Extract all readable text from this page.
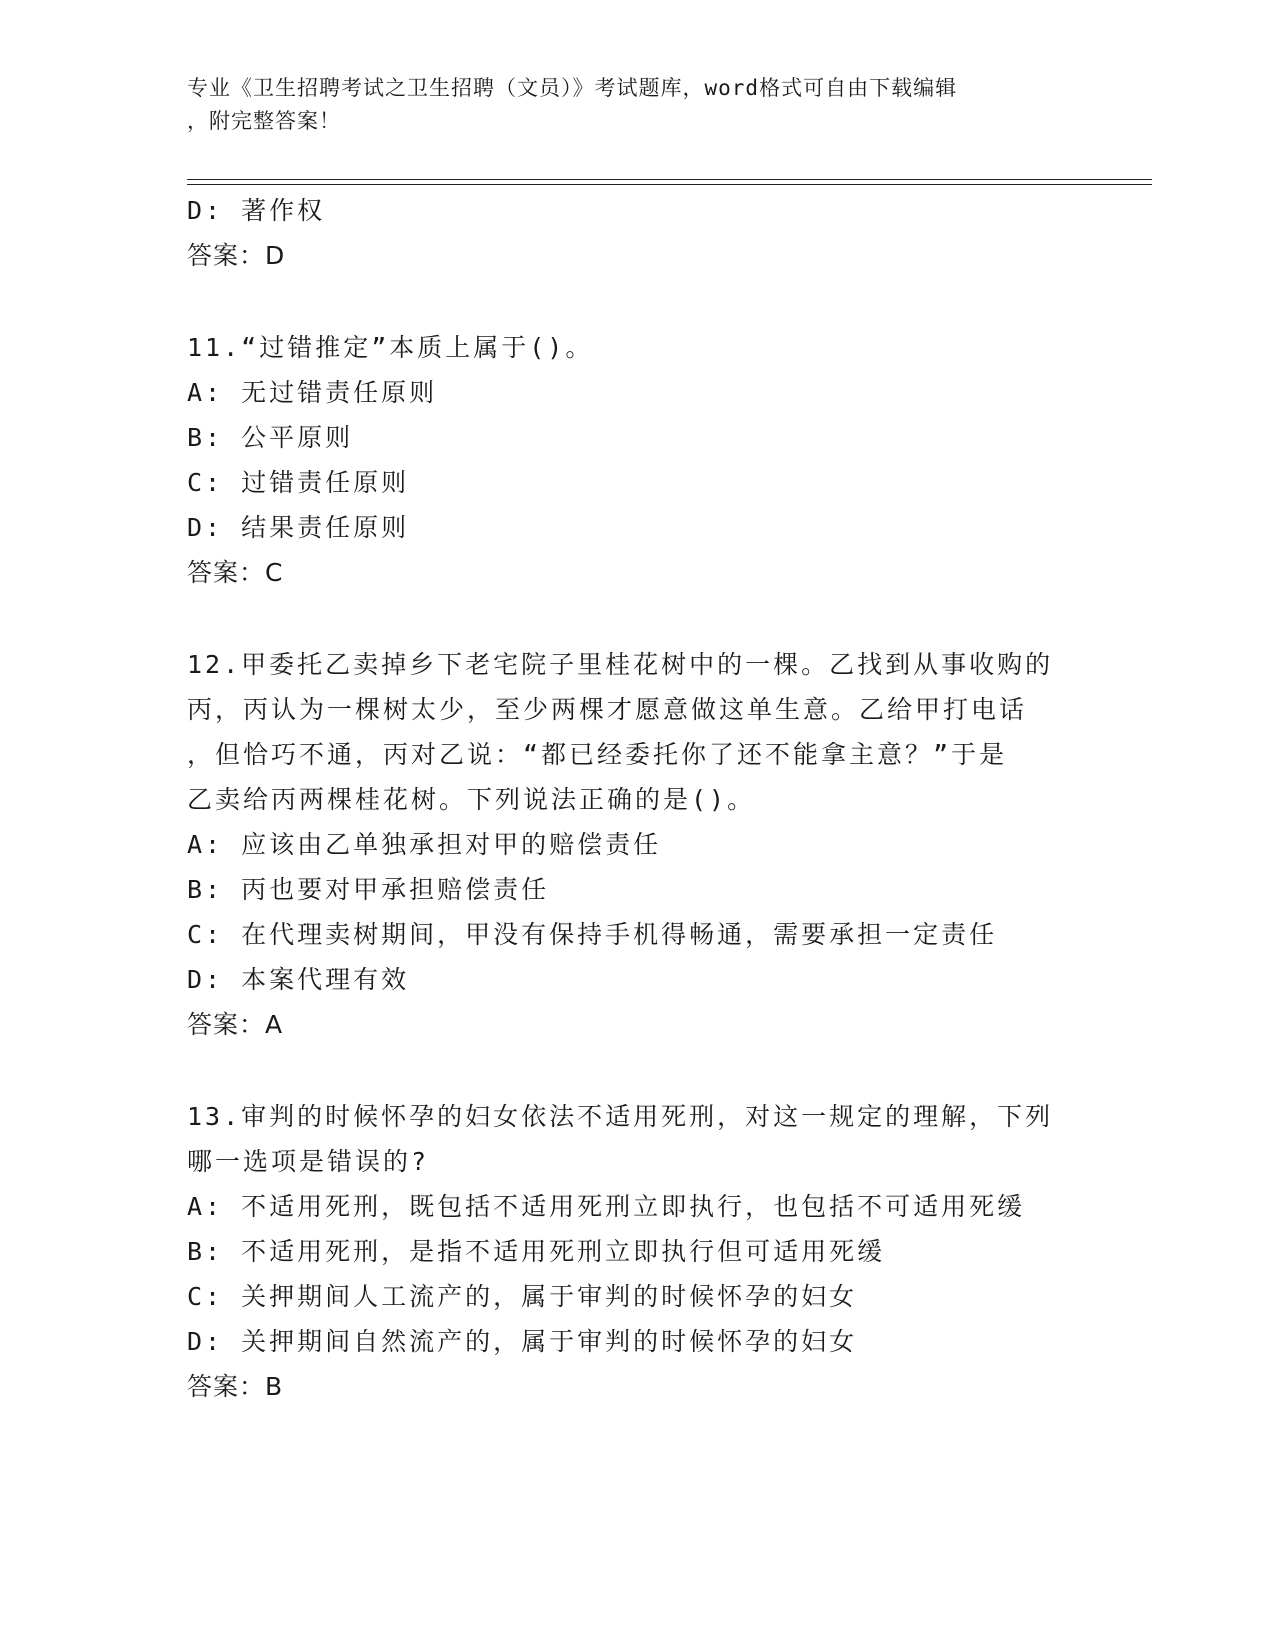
专业《卫生招聘考试之卫生招聘（文员）》考试题库，word格式可自由下载编辑
，附完整答案！
D: 著作权
答案：D
11.“过错推定”本质上属于()。
A: 无过错责任原则
B: 公平原则
C: 过错责任原则
D: 结果责任原则
答案：C
12.甲委托乙卖掉乡下老宅院子里桂花树中的一棵。乙找到从事收购的
丙，丙认为一棵树太少，至少两棵才愿意做这单生意。乙给甲打电话
，但恰巧不通，丙对乙说：“都已经委托你了还不能拿主意？”于是
乙卖给丙两棵桂花树。下列说法正确的是()。
A: 应该由乙单独承担对甲的赔偿责任
B: 丙也要对甲承担赔偿责任
C: 在代理卖树期间，甲没有保持手机得畅通，需要承担一定责任
D: 本案代理有效
答案：A
13.审判的时候怀孕的妇女依法不适用死刑，对这一规定的理解，下列
哪一选项是错误的?
A: 不适用死刑，既包括不适用死刑立即执行，也包括不可适用死缓
B: 不适用死刑，是指不适用死刑立即执行但可适用死缓
C: 关押期间人工流产的，属于审判的时候怀孕的妇女
D: 关押期间自然流产的，属于审判的时候怀孕的妇女
答案：B
